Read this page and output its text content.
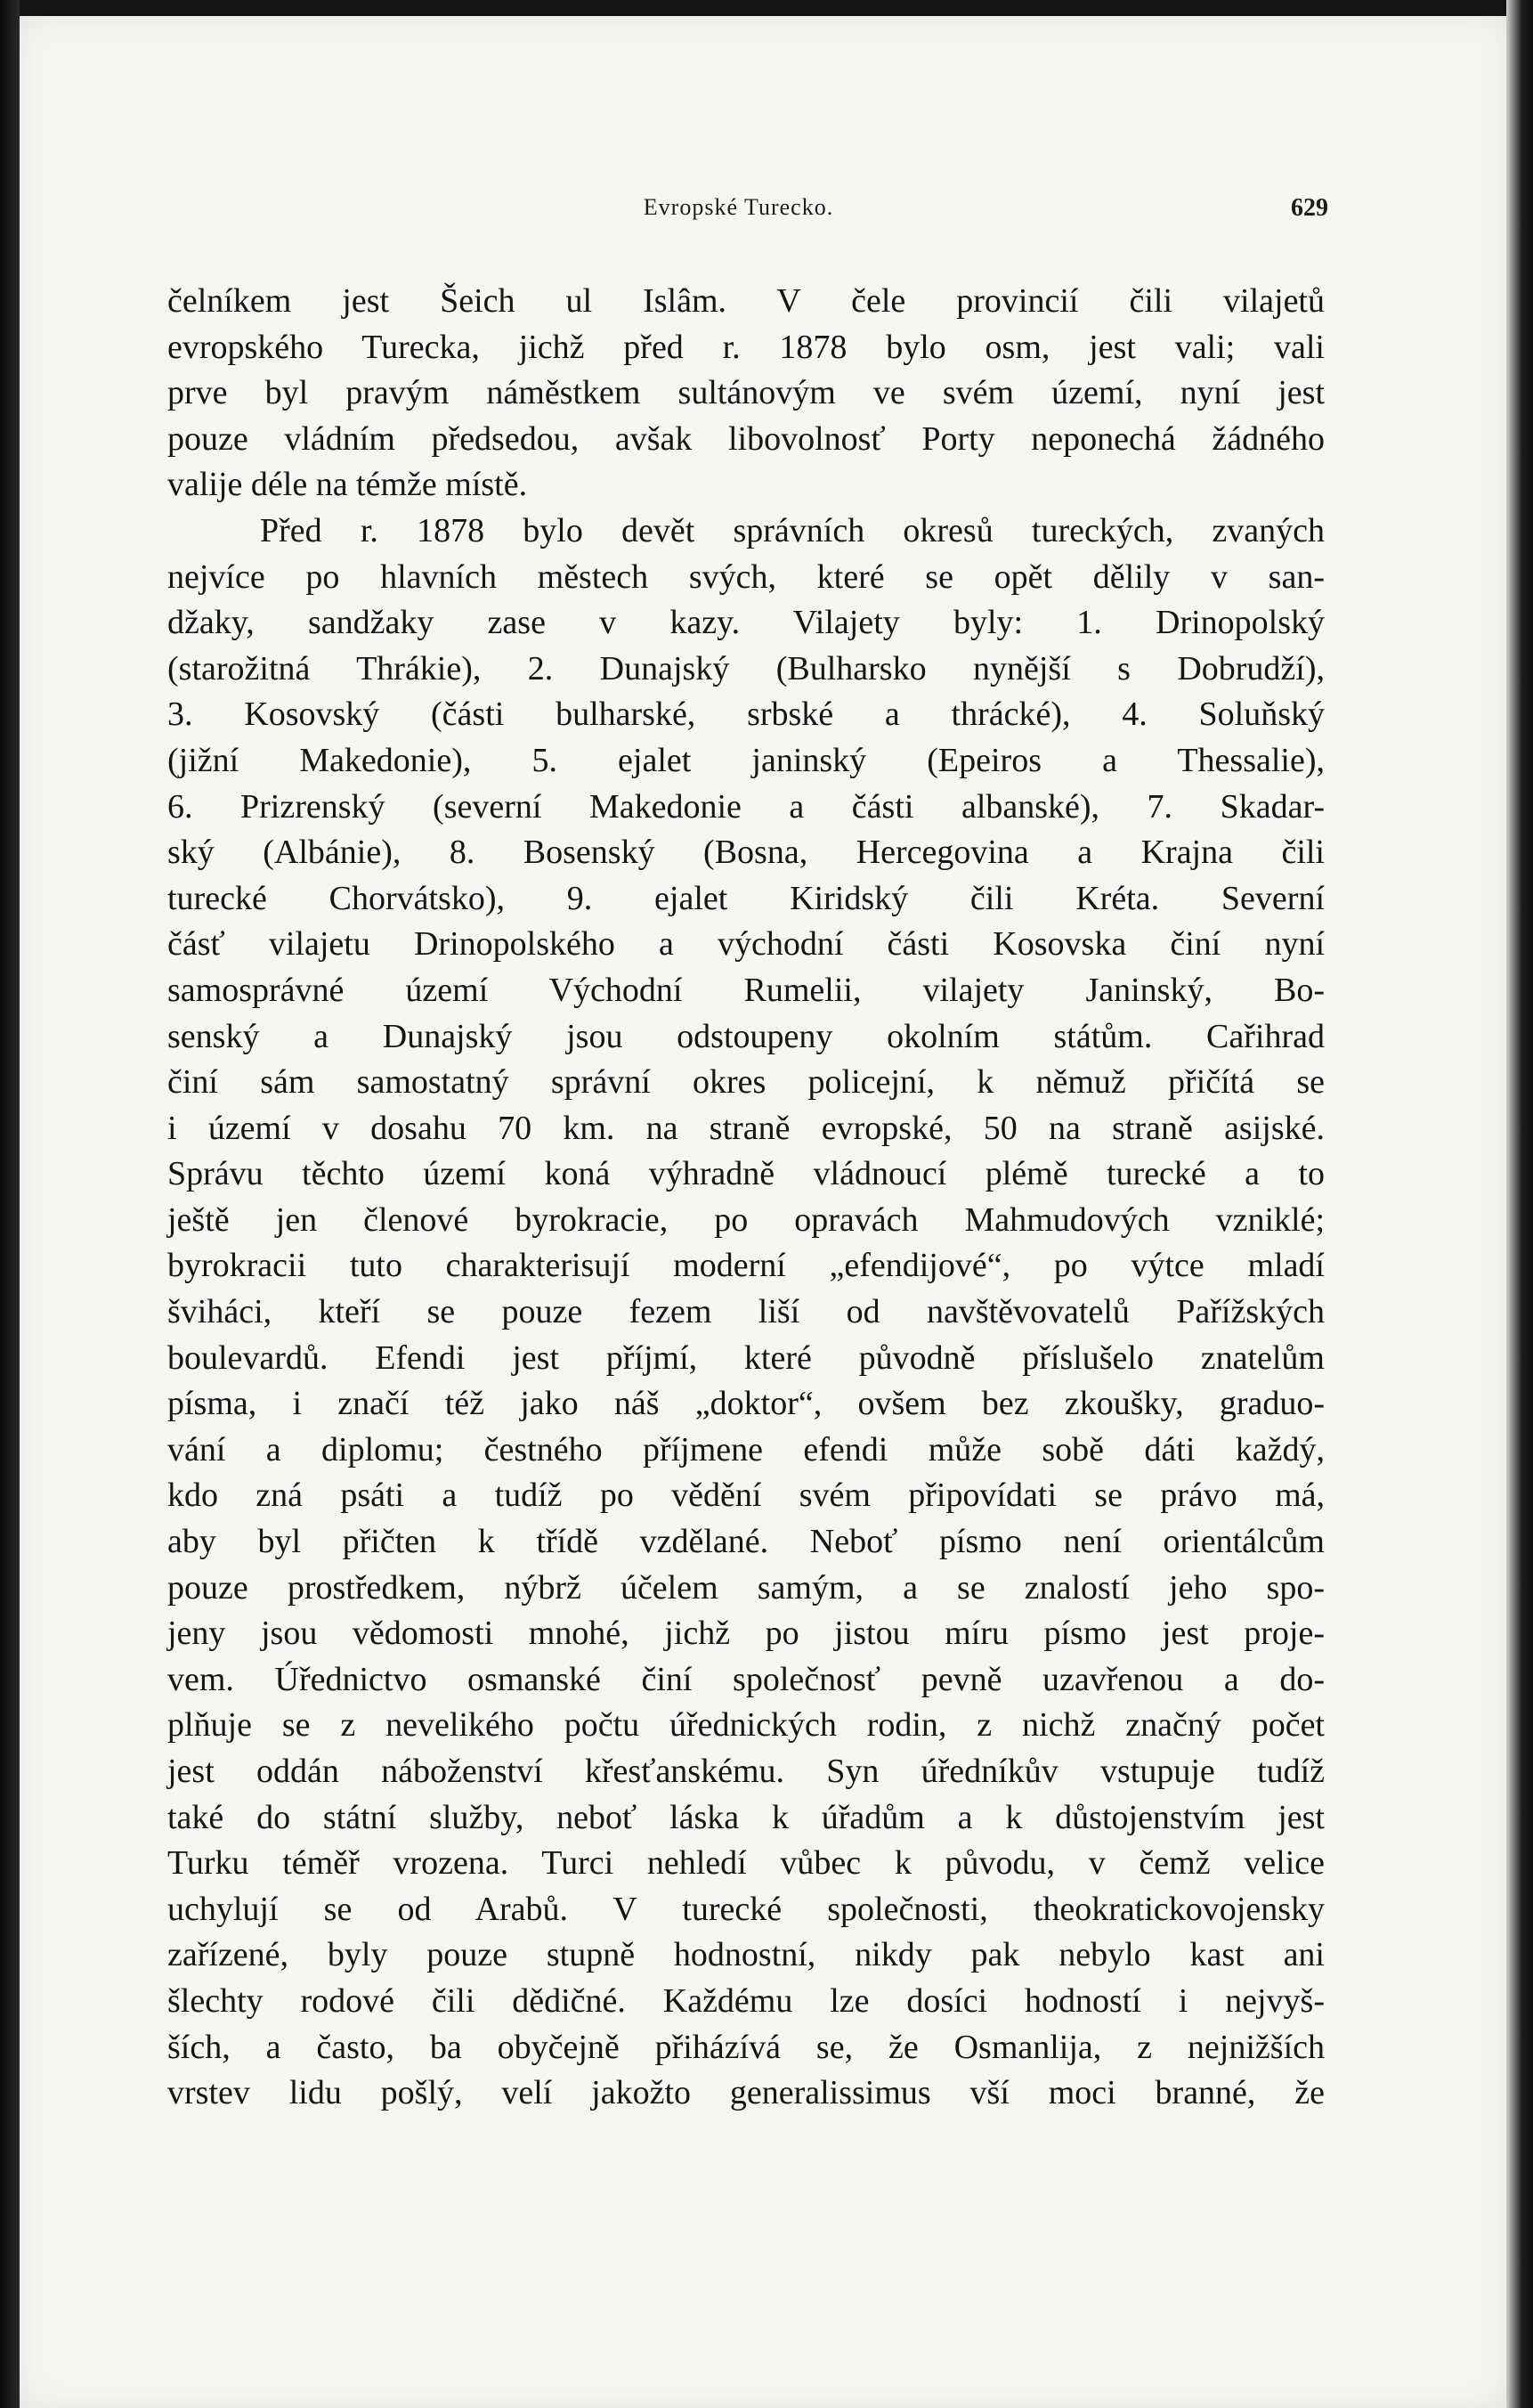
Evropské Turecko.	629
čelníkem jest Šeich ul Islâm. V čele provincií čili vilajetů
evropského Turecka, jichž před r. 1878 bylo osm, jest vali; vali
prve byl pravým náměstkem sultánovým ve svém území, nyní jest
pouze vládním předsedou, avšak libovolnosť Porty neponechá žádného
valije déle na témže místě.
Před r. 1878 bylo devět správních okresů tureckých, zvaných
nejvíce po hlavních městech svých, které se opět dělily v san-
džaky, sandžaky zase v kazy. Vilajety byly: 1. Drinopolský
(starožitná Thrákie), 2. Dunajský (Bulharsko nynější s Dobrudží),
3. Kosovský (části bulharské, srbské a thrácké), 4. Soluňský
(jižní Makedonie), 5. ejalet janinský (Epeiros a Thessalie),
6. Prizrenský (severní Makedonie a části albanské), 7. Skadar-
ský (Albánie), 8. Bosenský (Bosna, Hercegovina a Krajna čili
turecké Chorvátsko), 9. ejalet Kiridský čili Kréta. Severní
čásť vilajetu Drinopolského a východní části Kosovska činí nyní
samosprávné území Východní Rumelii, vilajety Janinský, Bo-
senský a Dunajský jsou odstoupeny okolním státům. Cařihrad
činí sám samostatný správní okres policejní, k němuž přičítá se
i území v dosahu 70 km. na straně evropské, 50 na straně asijské.
Správu těchto území koná výhradně vládnoucí plémě turecké a to
ještě jen členové byrokracie, po opravách Mahmudových vzniklé;
byrokracii tuto charakterisují moderní „efendijové“, po výtce mladí
šviháci, kteří se pouze fezem liší od navštěvovatelů Pařížských
boulevardů. Efendi jest příjmí, které původně příslušelo znatelům
písma, i značí též jako náš „doktor“, ovšem bez zkoušky, graduo-
vání a diplomu; čestného příjmene efendi může sobě dáti každý,
kdo zná psáti a tudíž po vědění svém připovídati se právo má,
aby byl přičten k třídě vzdělané. Neboť písmo není orientálcům
pouze prostředkem, nýbrž účelem samým, a se znalostí jeho spo-
jeny jsou vědomosti mnohé, jichž po jistou míru písmo jest proje-
vem. Úřednictvo osmanské činí společnosť pevně uzavřenou a do-
plňuje se z nevelikého počtu úřednických rodin, z nichž značný počet
jest oddán náboženství křesťanskému. Syn úředníkův vstupuje tudíž
také do státní služby, neboť láska k úřadům a k důstojenstvím jest
Turku téměř vrozena. Turci nehledí vůbec k původu, v čemž velice
uchylují se od Arabů. V turecké společnosti, theokratickovojensky
zařízené, byly pouze stupně hodnostní, nikdy pak nebylo kast ani
šlechty rodové čili dědičné. Každému lze dosíci hodností i nejvyš-
ších, a často, ba obyčejně přiházívá se, že Osmanlija, z nejnižších
vrstev lidu pošlý, velí jakožto generalissimus vší moci branné, že
